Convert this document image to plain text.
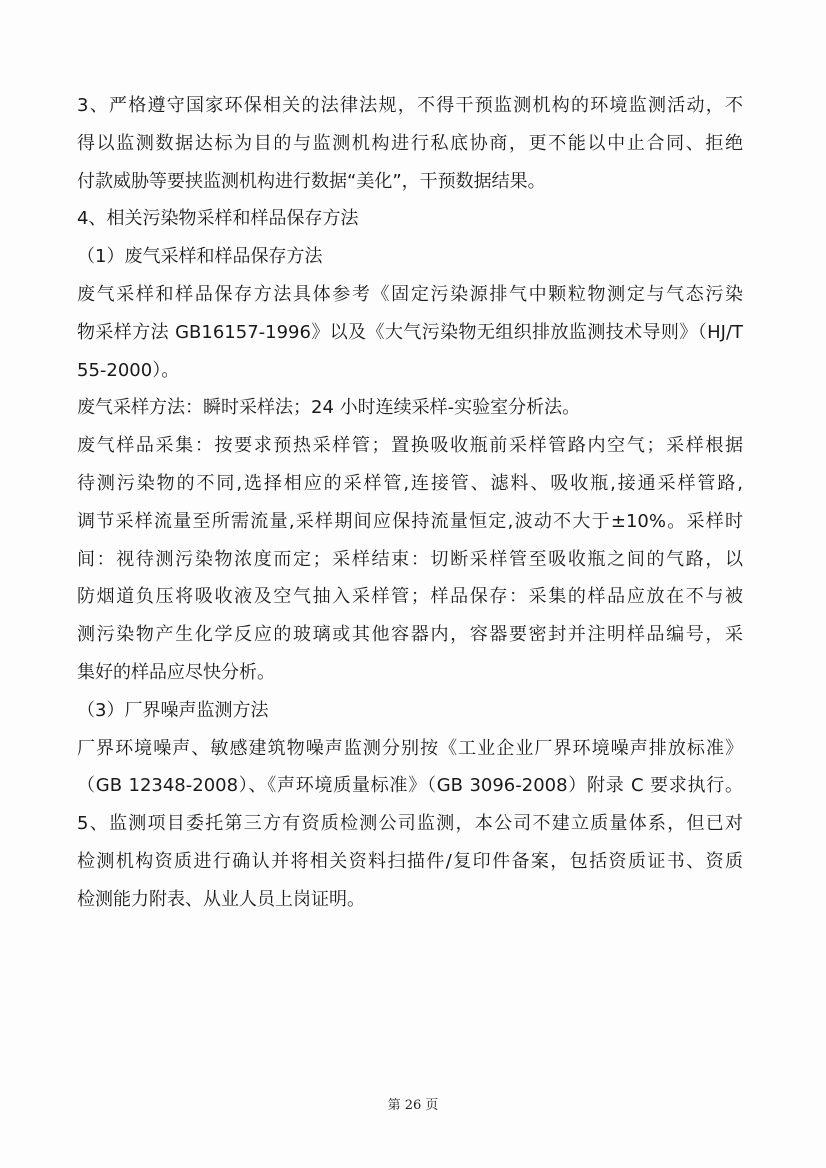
3、严格遵守国家环保相关的法律法规，不得干预监测机构的环境监测活动，不
得以监测数据达标为目的与监测机构进行私底协商，更不能以中止合同、拒绝
付款威胁等要挟监测机构进行数据“美化”，干预数据结果。
4、相关污染物采样和样品保存方法
（1）废气采样和样品保存方法
废气采样和样品保存方法具体参考《固定污染源排气中颗粒物测定与气态污染
物采样方法 GB16157-1996》以及《大气污染物无组织排放监测技术导则》（HJ/T
55-2000）。
废气采样方法：瞬时采样法；24 小时连续采样-实验室分析法。
废气样品采集：按要求预热采样管；置换吸收瓶前采样管路内空气；采样根据
待测污染物的不同,选择相应的采样管,连接管、滤料、吸收瓶,接通采样管路,
调节采样流量至所需流量,采样期间应保持流量恒定,波动不大于±10%。采样时
间：视待测污染物浓度而定；采样结束：切断采样管至吸收瓶之间的气路，以
防烟道负压将吸收液及空气抽入采样管；样品保存：采集的样品应放在不与被
测污染物产生化学反应的玻璃或其他容器内，容器要密封并注明样品编号，采
集好的样品应尽快分析。
（3）厂界噪声监测方法
厂界环境噪声、敏感建筑物噪声监测分别按《工业企业厂界环境噪声排放标准》
（GB 12348-2008）、《声环境质量标准》（GB 3096-2008）附录 C 要求执行。
5、监测项目委托第三方有资质检测公司监测，本公司不建立质量体系，但已对
检测机构资质进行确认并将相关资料扫描件/复印件备案，包括资质证书、资质
检测能力附表、从业人员上岗证明。
第 26 页
